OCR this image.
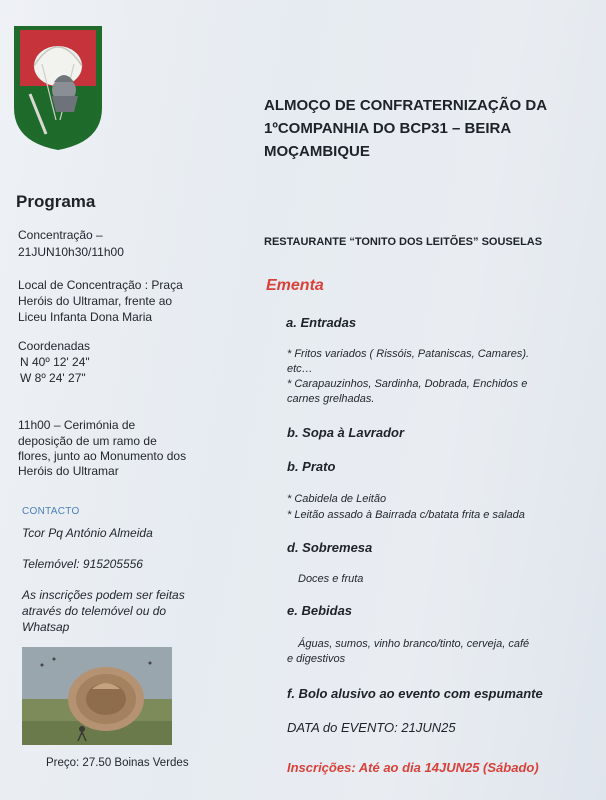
Programa
Concentração –
21JUN10h30/11h00
Local de Concentração : Praça
Heróis do Ultramar, frente ao
Liceu Infanta Dona Maria
Coordenadas
N 40º 12' 24"
W 8º 24' 27"
11h00 – Cerimónia de
deposição de um ramo de
flores, junto ao Monumento dos
Heróis do Ultramar
CONTACTO
Tcor Pq António Almeida
Telemóvel: 915205556
As inscrições podem ser feitas
através do telemóvel ou do
Whatsap
Preço: 27.50 Boinas Verdes
ALMOÇO DE CONFRATERNIZAÇÃO DA
1ºCOMPANHIA DO BCP31 – BEIRA
MOÇAMBIQUE
RESTAURANTE “TONITO DOS LEITÕES” SOUSELAS
Ementa
a. Entradas
* Fritos variados ( Rissóis, Pataniscas, Camares).
etc…
* Carapauzinhos, Sardinha, Dobrada, Enchidos e
carnes grelhadas.
b. Sopa à Lavrador
b. Prato
* Cabidela de Leitão
* Leitão assado à Bairrada c/batata frita e salada
d. Sobremesa
Doces e fruta
e. Bebidas
Águas, sumos, vinho branco/tinto, cerveja, café
e digestivos
f. Bolo alusivo ao evento com espumante
DATA do EVENTO: 21JUN25
Inscrições: Até ao dia 14JUN25 (Sábado)
